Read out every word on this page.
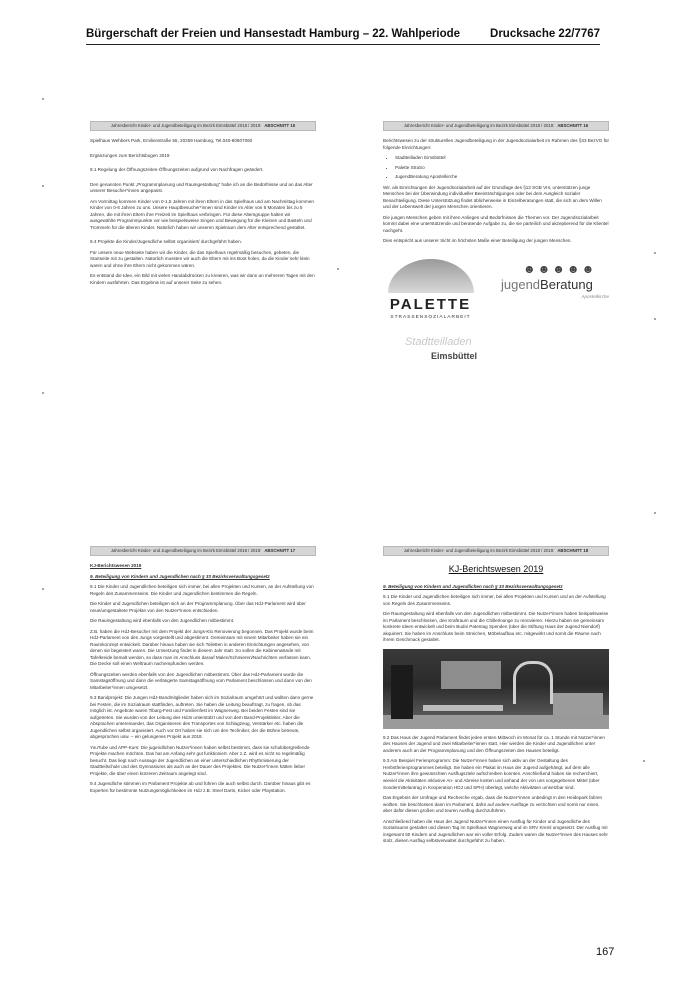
Bürgerschaft der Freien und Hansestadt Hamburg – 22. Wahlperiode	Drucksache 22/7767
Jahresbericht Kinder- und Jugendbeteiligung im Bezirk Eimsbüttel 2018 / 2019: ABSCHNITT 15

Spielhaus Wehbers Park, Emilienstraße 55, 20259 Hamburg, Tel.040-80607060

Ergänzungen zum Berichtsbogen 2019

9.1 Regelung der Öffnungszeiten-Öffnungszeiten aufgrund von Nachfragen geändert.

Den genannten Punkt „Programmplanung und Raumgestaltung“ habe ich an die Bedürfnisse und an das Alter unserer Besucher*innen angepasst.

Am Vormittag kommen Kinder von 0-1,5 Jahren mit ihren Eltern in das Spielhaus und am Nachmittag kommen Kinder von 0-6 Jahren zu uns. Unsere Hauptbesucher*innen sind Kinder im Alter von 6 Monaten bis zu 5 Jahren, die mit ihren Eltern ihre Freizeit im Spielhaus verbringen. Für diese Altersgruppe halten wir ausgewählte Programmpunkte vor wie beispielsweise Singen und Bewegung für die Kleinen und Basteln und Trommeln für die älteren Kinder. Natürlich haben wir unseren Spielraum dem Alter entsprechend gestaltet.

9.4 Projekte die Kinder/Jugendliche selbst organisiert/ durchgeführt haben.

Für unsere neue Webseite haben wir die Kinder, die das Spielhaus regelmäßig besuchen, gebeten, die Startseite mit zu gestalten. Natürlich mussten wir auch die Eltern mit ins Boot holen, da die Kinder sehr klein waren und ohne ihre Eltern nicht gekommen wären.

Es entstand die Idee, ein Bild mit vielen Handabdrücken zu kreieren, was wir dann an mehreren Tagen mit den Kindern ausführten. Das Ergebnis ist auf unserer Seite zu sehen.

Jahresbericht Kinder- und Jugendbeteiligung im Bezirk Eimsbüttel 2018 / 2019: ABSCHNITT 16

Berichtswesen zu der strukturellen Jugendbeteiligung in der Jugendsozialarbeit im Rahmen des §33 BezVG für folgende Einrichtungen:

• Stadtteilladen Eimsbüttel
• Palette StraSo
• JugendBeratung Apostelkirche

Wir, als Einrichtungen der Jugendsozialarbeit auf der Grundlage des §13 SGB VIII, unterstützen junge Menschen bei der Überwindung individueller Beeinträchtigungen oder bei dem Ausgleich sozialer Benachteiligung. Diese Unterstützung findet üblicherweise in Einzelberatungen statt, die sich an dem Willen und der Lebenswelt der jungen Menschen orientieren.

Die jungen Menschen geben mit ihren Anliegen und Bedürfnissen die Themen vor. Der Jugendsozialarbeit kommt dabei eine unterstützende und beratende Aufgabe zu, die sie parteilich und akzeptierend für die Klientel nachgeht.

Dies entspricht aus unserer Sicht im höchsten Maße einer Beteiligung der jungen Menschen.

PALETTE
STRASSENSOZIALARBEIT
☻ ☻ ☻ ☻ ☻
jugendBeratung
Apostelkirche
Stadtteilladen
Eimsbüttel
Jahresbericht Kinder- und Jugendbeteiligung im Bezirk Eimsbüttel 2018 / 2019: ABSCHNITT 17

KJ-Berichtswesen 2019

9. Beteiligung von Kindern und Jugendlichen nach § 33 Bezirksverwaltungsgesetz

9.1 Die Kinder und Jugendlichen beteiligen sich immer, bei allen Projekten und Kursen, an der Aufstellung von Regeln des Zusammenseins. Die Kinder und Jugendlichen bestimmen die Regeln.

Die Kinder und Jugendlichen beteiligen sich an der Programmplanung. Über das HdJ-Parlament wird über neue/umgestaltete Projekte von den Nutzer*innen entschieden.

Die Raumgestaltung wird ebenfalls von den Jugendlichen mitbestimmt.

Z.B. haben die HdJ-Besucher mit dem Projekt der Jungs-Klo Renovierung begonnen. Das Projekt wurde beim HdJ-Parlament von den Jungs vorgestellt und abgestimmt. Gemeinsam mit einem Mitarbeiter haben sie ein Raumkonzept entwickelt. Darüber hinaus haben sie sich Toiletten in anderen Einrichtungen angesehen, von denen sie begeistert waren. Die Umsetzung findet in diesem Jahr statt. So sollen die Kabinenwände mit Tafelkreide bemalt werden, so dass man im Anschluss darauf Malen/Schmieren/Nachrichten verfassen kann. Die Decke soll einen Weltraum nachempfunden werden.

Öffnungszeiten werden ebenfalls von den Jugendlichen mitbestimmt. Über das HdJ-Parlament wurde die Samstagsöffnung und dann die verlängerte Samstagsöffnung vom Parlament beschlossen und dann von den Mitarbeiter*innen umgesetzt.

9.3 Bandprojekt: Die Jungen HdJ-Bandmitglieder haben sich im Sozialraum umgehört und wollten dann gerne bei Festen, die im Sozialraum stattfinden, auftreten. Sie haben die Leitung beauftragt, zu fragen, ob das möglich ist. Angebote waren Tibarg-Fest und Familienfest im Wagnerweg. Bei beiden Festen sind sie aufgetreten. Sie wurden von der Leitung des HdJs unterstützt und von dem Band-Projektleiter. Aber die Absprachen untereinander, das Organisieren des Transportes von Schlagzeug, Verstärker etc. haben die Jugendlichen selbst organisiert. Auch vor Ort haben sie sich um den Techniker, der die Bühne betreute, abgesprochen usw. – ein gelungenes Projekt aus 2018.

YouTube und APP-Kurs: Die jugendlichen Nutzer*innen haben selbst bestimmt, dass sie schulübergreifende Projekte machen möchten. Das hat am Anfang sehr gut funktioniert. Aber z.Z. wird es nicht so regelmäßig besucht. Das liegt nach Aussage der Jugendlichen an einer unterschiedlichen Rhythmisierung der Stadtteilschule und des Gymnasiums als auch an der Dauer des Projektes. Die Nutzer*innen hätten lieber Projekte, die über einen kürzeren Zeitraum angelegt sind.

9.4 Jugendliche stimmen im Parlament Projekte ab und führen die auch selbst durch. Darüber hinaus gibt es Experten für bestimmte Nutzungsmöglichkeiten im HdJ z.B. Steel Darts, Kicker oder Playstation.

Jahresbericht Kinder- und Jugendbeteiligung im Bezirk Eimsbüttel 2018 / 2019: ABSCHNITT 18
KJ-Berichtswesen 2019

9. Beteiligung von Kindern und Jugendlichen nach § 33 Bezirksverwaltungsgesetz

9.1 Die Kinder und Jugendlichen beteiligen sich immer, bei allen Projekten und Kursen und an der Aufstellung von Regeln des Zusammenseins.

Die Raumgestaltung wird ebenfalls von den Jugendlichen mitbestimmt. Die Nutzer*innen haben beispielsweise im Parlament beschlossen, den Kraftraum und die Chillerlounge zu renovieren. Hierzu haben sie gemeinsam konkrete Ideen entwickelt und beim Budni Patentag Spenden (über die Stiftung Haus der Jugend Niendorf) akquiriert. Sie haben im Anschluss beim Streichen, Möbelaufbau etc. mitgewirkt und somit die Räume nach ihrem Geschmack gestaltet.

9.2 Das Haus der Jugend Parlament findet jeden ersten Mittwoch im Monat für ca. 1 Stunde mit Nutzer*innen des Hauses der Jugend und zwei Mitarbeiter*innen statt. Hier werden die Kinder und Jugendlichen unter anderem auch an der Programmplanung und den Öffnungszeiten des Hauses beteiligt.

9.3 Am Beispiel Ferienprogramm: Die Nutzer*innen haben sich aktiv an der Gestaltung des Herbstferienprogrammes beteiligt. Sie haben ein Plakat im Haus der Jugend aufgehängt, auf dem alle Nutzer*innen ihre gewünschten Ausflugsziele aufschreiben konnten. Anschließend haben sie recherchiert, wieviel die Aktivitäten inklusive An- und Abreise kosten und anhand der von uns vorgegebenen Mittel (über Sondermittelantrag in Kooperation HDJ und SPH) überlegt, welche Aktivitäten umsetzbar sind.

Das Ergebnis der Umfrage und Recherche ergab, dass die Nutzer*innen unbedingt in den Heidepark fahren wollten. Sie beschlossen dann im Parlament, dafür auf andere Ausflüge zu verzichten und somit nur einen, aber dafür diesen großen und teuren Ausflug durchzuführen.

Anschließend haben die Haus der Jugend Nutzer*innen einen Ausflug für Kinder und Jugendliche des Sozialraums gestaltet und diesen Tag im Spielhaus Wagnerweg und im SRV Kreml umgesetzt. Der Ausflug mit insgesamt 50 Kindern und Jugendlichen war ein voller Erfolg. Zudem waren die Nutzer*innen des Hauses sehr stolz, diesen Ausflug selbstverwaltet durchgeführt zu haben.

167
